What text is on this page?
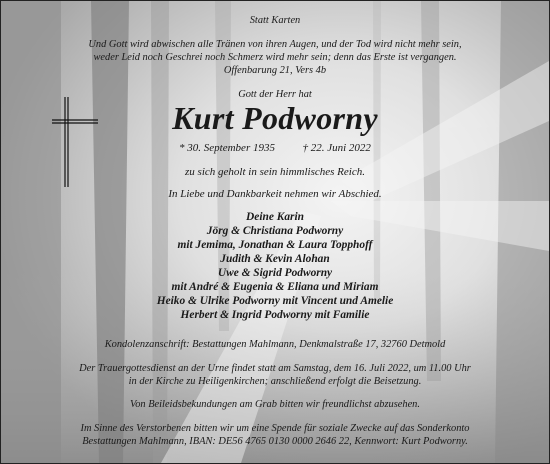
Statt Karten
Und Gott wird abwischen alle Tränen von ihren Augen, und der Tod wird nicht mehr sein,
weder Leid noch Geschrei noch Schmerz wird mehr sein; denn das Erste ist vergangen.
Offenbarung 21, Vers 4b
Gott der Herr hat
Kurt Podworny
* 30. September 1935	† 22. Juni 2022
zu sich geholt in sein himmlisches Reich.
In Liebe und Dankbarkeit nehmen wir Abschied.
Deine Karin
Jörg & Christiana Podworny
mit Jemima, Jonathan & Laura Topphoff
Judith & Kevin Alohan
Uwe & Sigrid Podworny
mit André & Eugenia & Eliana und Miriam
Heiko & Ulrike Podworny mit Vincent und Amelie
Herbert & Ingrid Podworny mit Familie
Kondolenzanschrift: Bestattungen Mahlmann, Denkmalstraße 17, 32760 Detmold
Der Trauergottesdienst an der Urne findet statt am Samstag, dem 16. Juli 2022, um 11.00 Uhr
in der Kirche zu Heiligenkirchen; anschließend erfolgt die Beisetzung.
Von Beileidsbekundungen am Grab bitten wir freundlichst abzusehen.
Im Sinne des Verstorbenen bitten wir um eine Spende für soziale Zwecke auf das Sonderkonto
Bestattungen Mahlmann, IBAN: DE56 4765 0130 0000 2646 22, Kennwort: Kurt Podworny.
